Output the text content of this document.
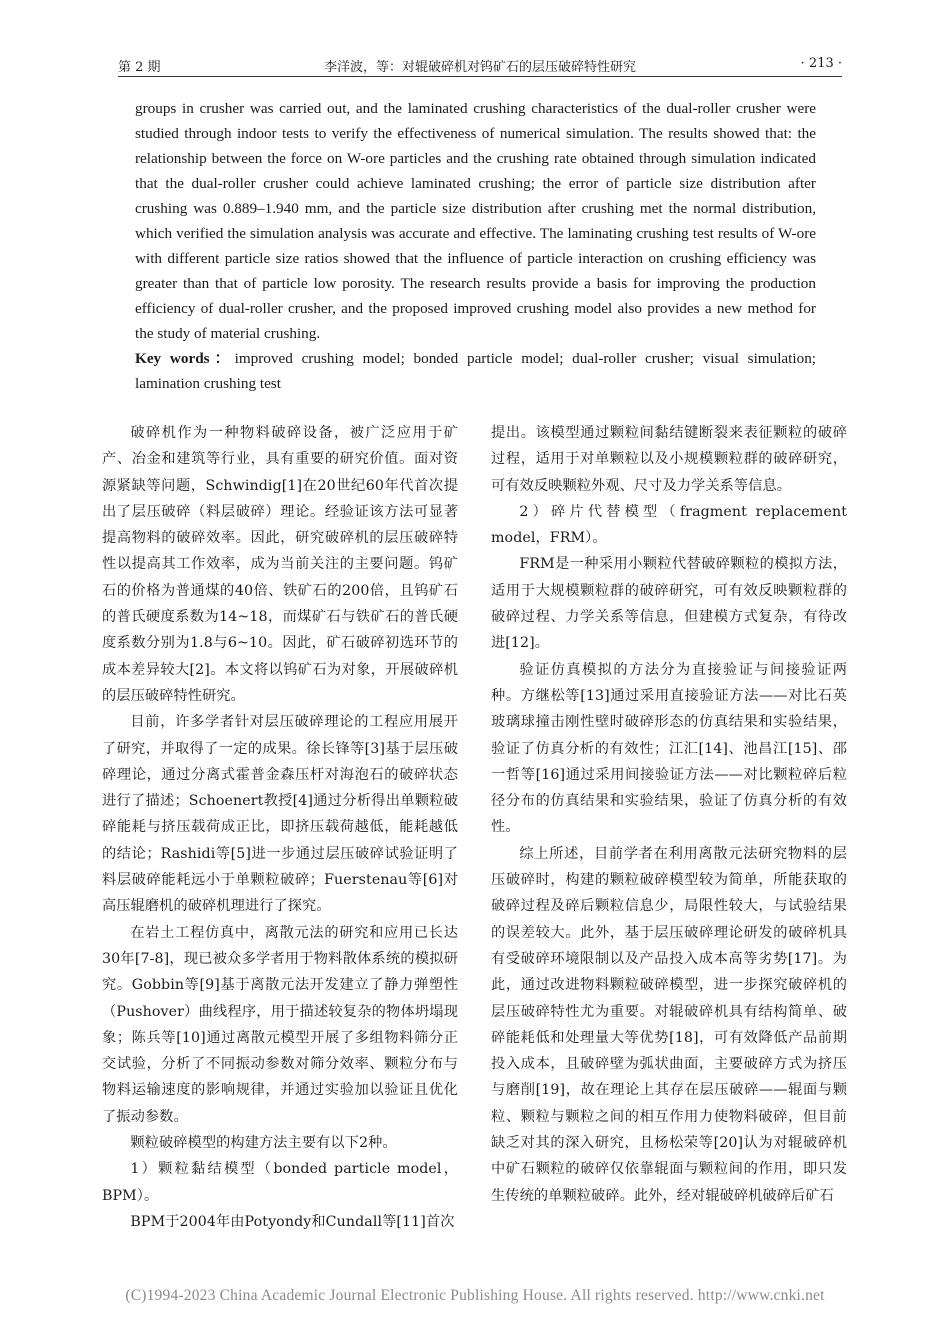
第 2 期	李洋波，等：对辊破碎机对钨矿石的层压破碎特性研究	· 213 ·

groups in crusher was carried out, and the laminated crushing characteristics of the dual-roller crusher were studied through indoor tests to verify the effectiveness of numerical simulation. The results showed that: the relationship between the force on W-ore particles and the crushing rate obtained through simulation indicated that the dual-roller crusher could achieve laminated crushing; the error of particle size distribution after crushing was 0.889–1.940 mm, and the particle size distribution after crushing met the normal distribution, which verified the simulation analysis was accurate and effective. The laminating crushing test results of W-ore with different particle size ratios showed that the influence of particle interaction on crushing efficiency was greater than that of particle low porosity. The research results provide a basis for improving the production efficiency of dual-roller crusher, and the proposed improved crushing model also provides a new method for the study of material crushing.

Key words：improved crushing model; bonded particle model; dual-roller crusher; visual simulation; lamination crushing test

破碎机作为一种物料破碎设备，被广泛应用于矿产、冶金和建筑等行业，具有重要的研究价值。面对资源紧缺等问题，Schwindig[1]在20世纪60年代首次提出了层压破碎（料层破碎）理论。经验证该方法可显著提高物料的破碎效率。因此，研究破碎机的层压破碎特性以提高其工作效率，成为当前关注的主要问题。钨矿石的价格为普通煤的40倍、铁矿石的200倍，且钨矿石的普氏硬度系数为14~18，而煤矿石与铁矿石的普氏硬度系数分别为1.8与6~10。因此，矿石破碎初选环节的成本差异较大[2]。本文将以钨矿石为对象，开展破碎机的层压破碎特性研究。

目前，许多学者针对层压破碎理论的工程应用展开了研究，并取得了一定的成果。徐长锋等[3]基于层压破碎理论，通过分离式霍普金森压杆对海泡石的破碎状态进行了描述；Schoenert教授[4]通过分析得出单颗粒破碎能耗与挤压载荷成正比，即挤压载荷越低，能耗越低的结论；Rashidi等[5]进一步通过层压破碎试验证明了料层破碎能耗远小于单颗粒破碎；Fuerstenau等[6]对高压辊磨机的破碎机理进行了探究。

在岩土工程仿真中，离散元法的研究和应用已长达30年[7-8]，现已被众多学者用于物料散体系统的模拟研究。Gobbin等[9]基于离散元法开发建立了静力弹塑性（Pushover）曲线程序，用于描述较复杂的物体坍塌现象；陈兵等[10]通过离散元模型开展了多组物料筛分正交试验，分析了不同振动参数对筛分效率、颗粒分布与物料运输速度的影响规律，并通过实验加以验证且优化了振动参数。

颗粒破碎模型的构建方法主要有以下2种。

1）颗粒黏结模型（bonded particle model，BPM）。

BPM于2004年由Potyondy和Cundall等[11]首次

提出。该模型通过颗粒间黏结键断裂来表征颗粒的破碎过程，适用于对单颗粒以及小规模颗粒群的破碎研究，可有效反映颗粒外观、尺寸及力学关系等信息。

2）碎片代替模型（fragment replacement model，FRM）。

FRM是一种采用小颗粒代替破碎颗粒的模拟方法，适用于大规模颗粒群的破碎研究，可有效反映颗粒群的破碎过程、力学关系等信息，但建模方式复杂，有待改进[12]。

验证仿真模拟的方法分为直接验证与间接验证两种。方继松等[13]通过采用直接验证方法——对比石英玻璃球撞击刚性壁时破碎形态的仿真结果和实验结果，验证了仿真分析的有效性；江汇[14]、池昌江[15]、邵一哲等[16]通过采用间接验证方法——对比颗粒碎后粒径分布的仿真结果和实验结果，验证了仿真分析的有效性。

综上所述，目前学者在利用离散元法研究物料的层压破碎时，构建的颗粒破碎模型较为简单，所能获取的破碎过程及碎后颗粒信息少，局限性较大，与试验结果的误差较大。此外，基于层压破碎理论研发的破碎机具有受破碎环境限制以及产品投入成本高等劣势[17]。为此，通过改进物料颗粒破碎模型，进一步探究破碎机的层压破碎特性尤为重要。对辊破碎机具有结构简单、破碎能耗低和处理量大等优势[18]，可有效降低产品前期投入成本，且破碎壁为弧状曲面，主要破碎方式为挤压与磨削[19]，故在理论上其存在层压破碎——辊面与颗粒、颗粒与颗粒之间的相互作用力使物料破碎，但目前缺乏对其的深入研究，且杨松荣等[20]认为对辊破碎机中矿石颗粒的破碎仅依靠辊面与颗粒间的作用，即只发生传统的单颗粒破碎。此外，经对辊破碎机破碎后矿石

(C)1994-2023 China Academic Journal Electronic Publishing House. All rights reserved. http://www.cnki.net
